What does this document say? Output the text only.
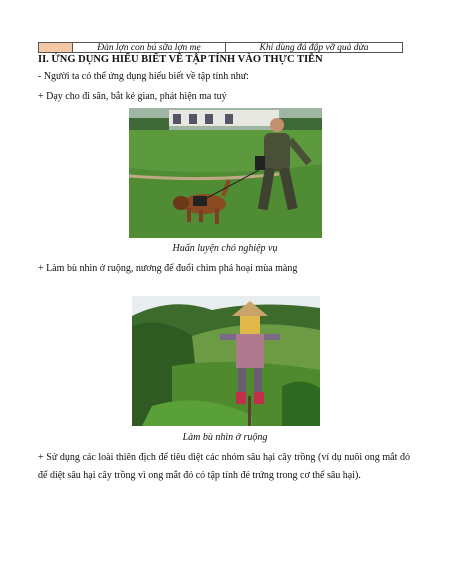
Đàn lợn con bú sữa lợn mẹ	Khỉ dùng đá đập vỡ quả dừa
II. ỨNG DỤNG HIỂU BIẾT VỀ TẬP TÍNH VÀO THỰC TIỄN
- Người ta có thể ứng dụng hiểu biết về tập tính như:
+ Dạy cho đi săn, bắt kẻ gian, phát hiện ma tuý
Huấn luyện chó nghiệp vụ
+ Làm bù nhìn ở ruộng, nương để đuổi chim phá hoại mùa màng
Làm bù nhìn ở ruộng
+ Sử dụng các loài thiên địch để tiêu diệt các nhóm sâu hại cây trồng (ví dụ nuôi ong mắt đỏ để diệt sâu hại cây trồng vì ong mắt đỏ có tập tính đẻ trứng trong cơ thể sâu hại).
